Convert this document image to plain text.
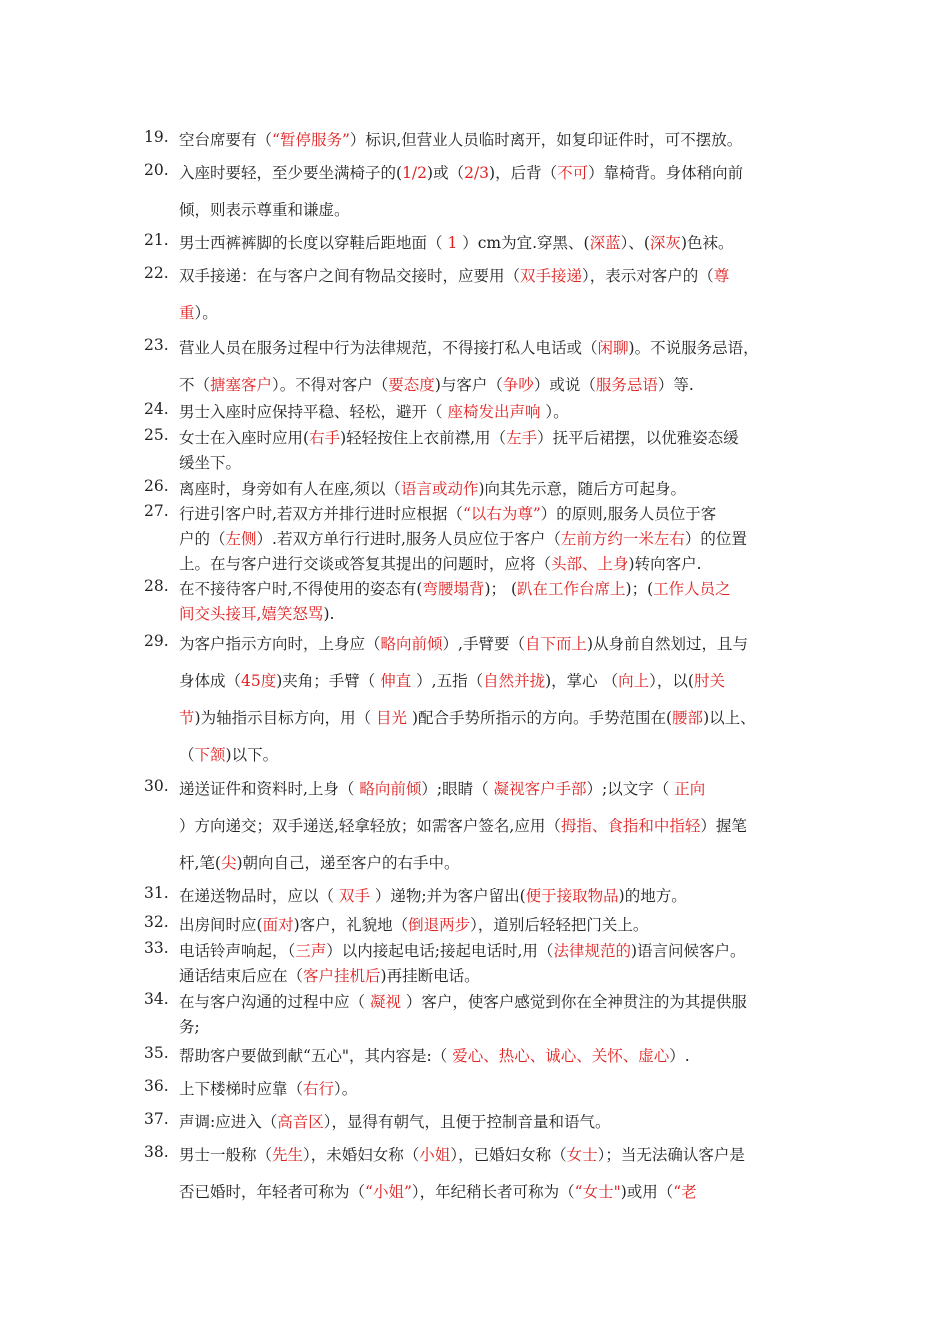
19. 空台席要有（“暂停服务”）标识,但营业人员临时离开，如复印证件时，可不摆放。
20. 入座时要轻，至少要坐满椅子的(1/2)或（2/3)，后背（不可）靠椅背。身体稍向前
倾，则表示尊重和谦虚。
21. 男士西裤裤脚的长度以穿鞋后距地面（ 1 ）cm为宜.穿黑、(深蓝）、(深灰)色袜。
22. 双手接递：在与客户之间有物品交接时，应要用（双手接递），表示对客户的（尊
重）。
23. 营业人员在服务过程中行为法律规范，不得接打私人电话或（闲聊)。不说服务忌语，
不（搪塞客户）。不得对客户（要态度)与客户（争吵）或说（服务忌语）等.
24. 男士入座时应保持平稳、轻松，避开（ 座椅发出声响 ）。
25. 女士在入座时应用(右手)轻轻按住上衣前襟,用（左手）抚平后裙摆，以优雅姿态缓
缓坐下。
26. 离座时，身旁如有人在座,须以（语言或动作)向其先示意，随后方可起身。
27. 行进引客户时,若双方并排行进时应根据（“以右为尊”）的原则,服务人员位于客
户的（左侧）.若双方单行行进时,服务人员应位于客户（左前方约一米左右）的位置
上。在与客户进行交谈或答复其提出的问题时，应将（头部、上身)转向客户.
28. 在不接待客户时,不得使用的姿态有(弯腰塌背)； (趴在工作台席上)；(工作人员之
间交头接耳,嬉笑怒骂).
29. 为客户指示方向时，上身应（略向前倾）,手臂要（自下而上)从身前自然划过，且与
身体成（45度)夹角；手臂（ 伸直 ）,五指（自然并拢)，掌心 （向上），以(肘关
节)为轴指示目标方向，用（ 目光 )配合手势所指示的方向。手势范围在(腰部)以上、
（下颔)以下。
30. 递送证件和资料时,上身（ 略向前倾）;眼睛（ 凝视客户手部）;以文字（ 正向
）方向递交；双手递送,轻拿轻放；如需客户签名,应用（拇指、食指和中指轻）握笔
杆,笔(尖)朝向自己，递至客户的右手中。
31. 在递送物品时，应以（ 双手 ）递物;并为客户留出(便于接取物品)的地方。
32. 出房间时应(面对)客户，礼貌地（倒退两步），道别后轻轻把门关上。
33. 电话铃声响起，（三声）以内接起电话;接起电话时,用（法律规范的)语言问候客户。
通话结束后应在（客户挂机后)再挂断电话。
34. 在与客户沟通的过程中应（ 凝视 ）客户，使客户感觉到你在全神贯注的为其提供服
务;
35. 帮助客户要做到献“五心"，其内容是:（ 爱心、热心、诚心、关怀、虚心）.
36. 上下楼梯时应靠（右行）。
37. 声调:应进入（高音区），显得有朝气，且便于控制音量和语气。
38. 男士一般称（先生），未婚妇女称（小姐），已婚妇女称（女士）；当无法确认客户是
否已婚时，年轻者可称为（“小姐”），年纪稍长者可称为（“女士")或用（“老
